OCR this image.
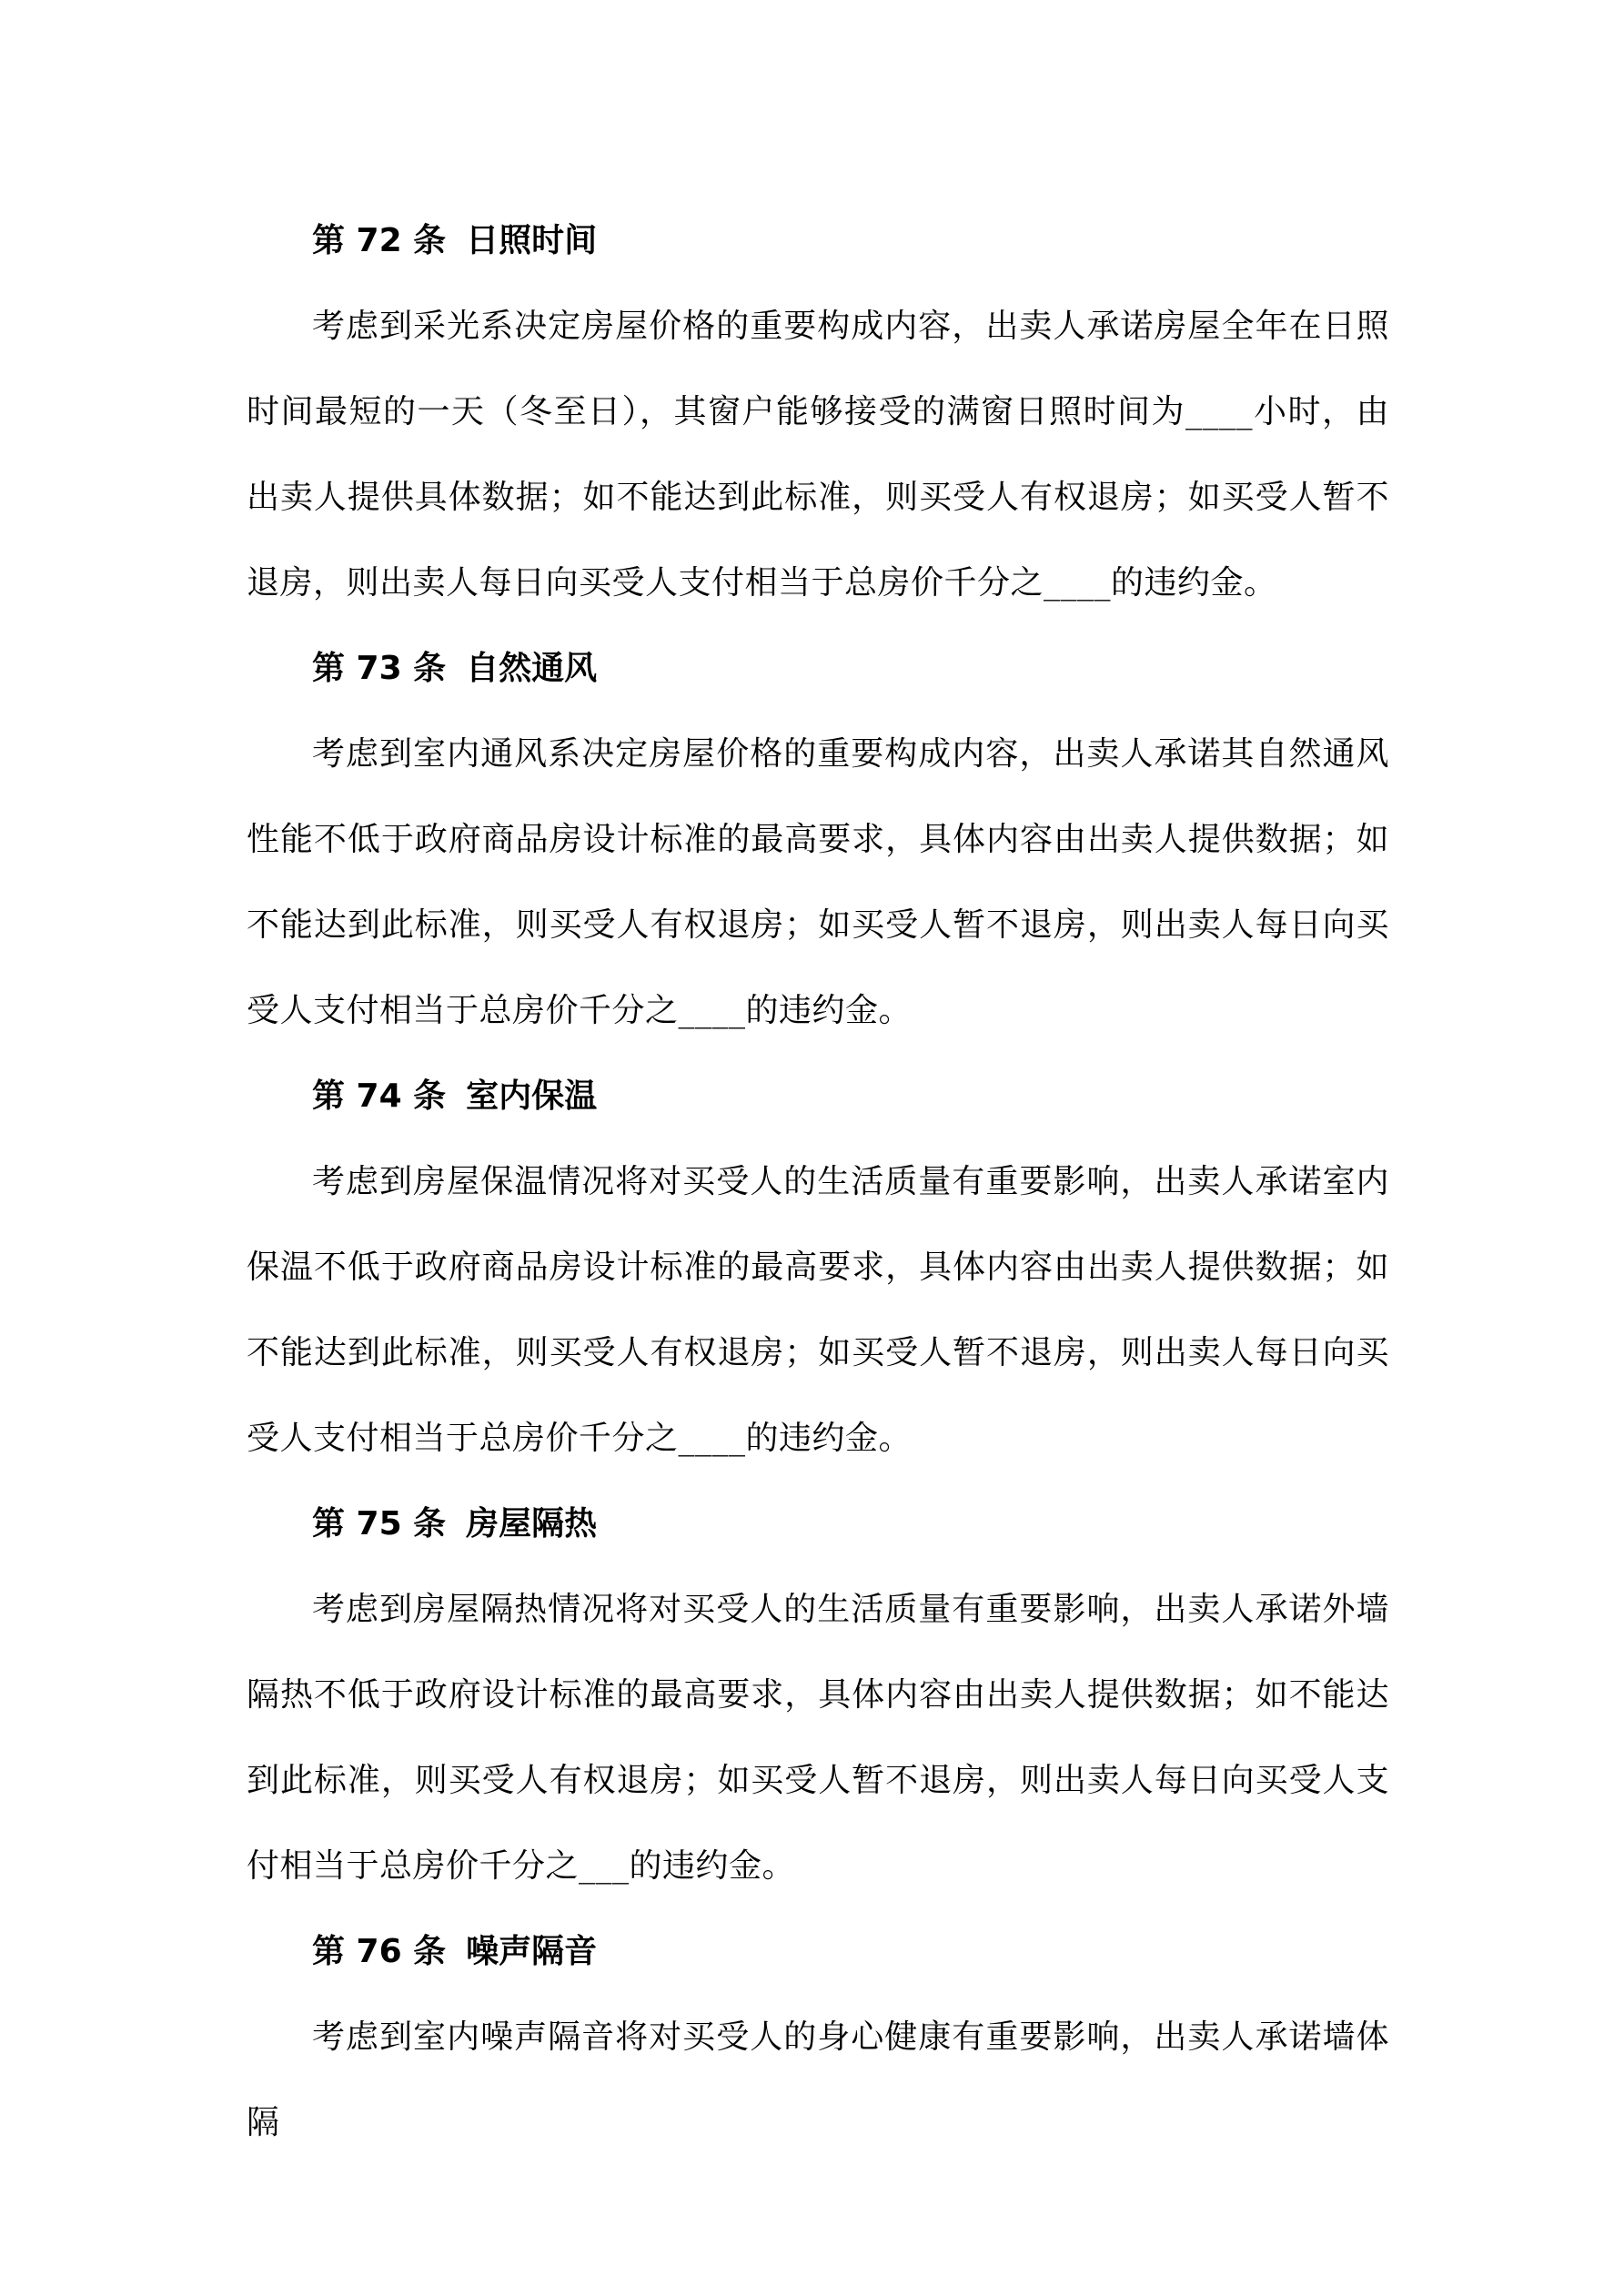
第 72 条 日照时间

考虑到采光系决定房屋价格的重要构成内容，出卖人承诺房屋全年在日照时间最短的一天（冬至日），其窗户能够接受的满窗日照时间为____小时，由出卖人提供具体数据；如不能达到此标准，则买受人有权退房；如买受人暂不退房，则出卖人每日向买受人支付相当于总房价千分之____的违约金。

第 73 条 自然通风

考虑到室内通风系决定房屋价格的重要构成内容，出卖人承诺其自然通风性能不低于政府商品房设计标准的最高要求，具体内容由出卖人提供数据；如不能达到此标准，则买受人有权退房；如买受人暂不退房，则出卖人每日向买受人支付相当于总房价千分之____的违约金。

第 74 条 室内保温

考虑到房屋保温情况将对买受人的生活质量有重要影响，出卖人承诺室内保温不低于政府商品房设计标准的最高要求，具体内容由出卖人提供数据；如不能达到此标准，则买受人有权退房；如买受人暂不退房，则出卖人每日向买受人支付相当于总房价千分之____的违约金。

第 75 条 房屋隔热

考虑到房屋隔热情况将对买受人的生活质量有重要影响，出卖人承诺外墙隔热不低于政府设计标准的最高要求，具体内容由出卖人提供数据；如不能达到此标准，则买受人有权退房；如买受人暂不退房，则出卖人每日向买受人支付相当于总房价千分之___的违约金。

第 76 条 噪声隔音

考虑到室内噪声隔音将对买受人的身心健康有重要影响，出卖人承诺墙体隔
